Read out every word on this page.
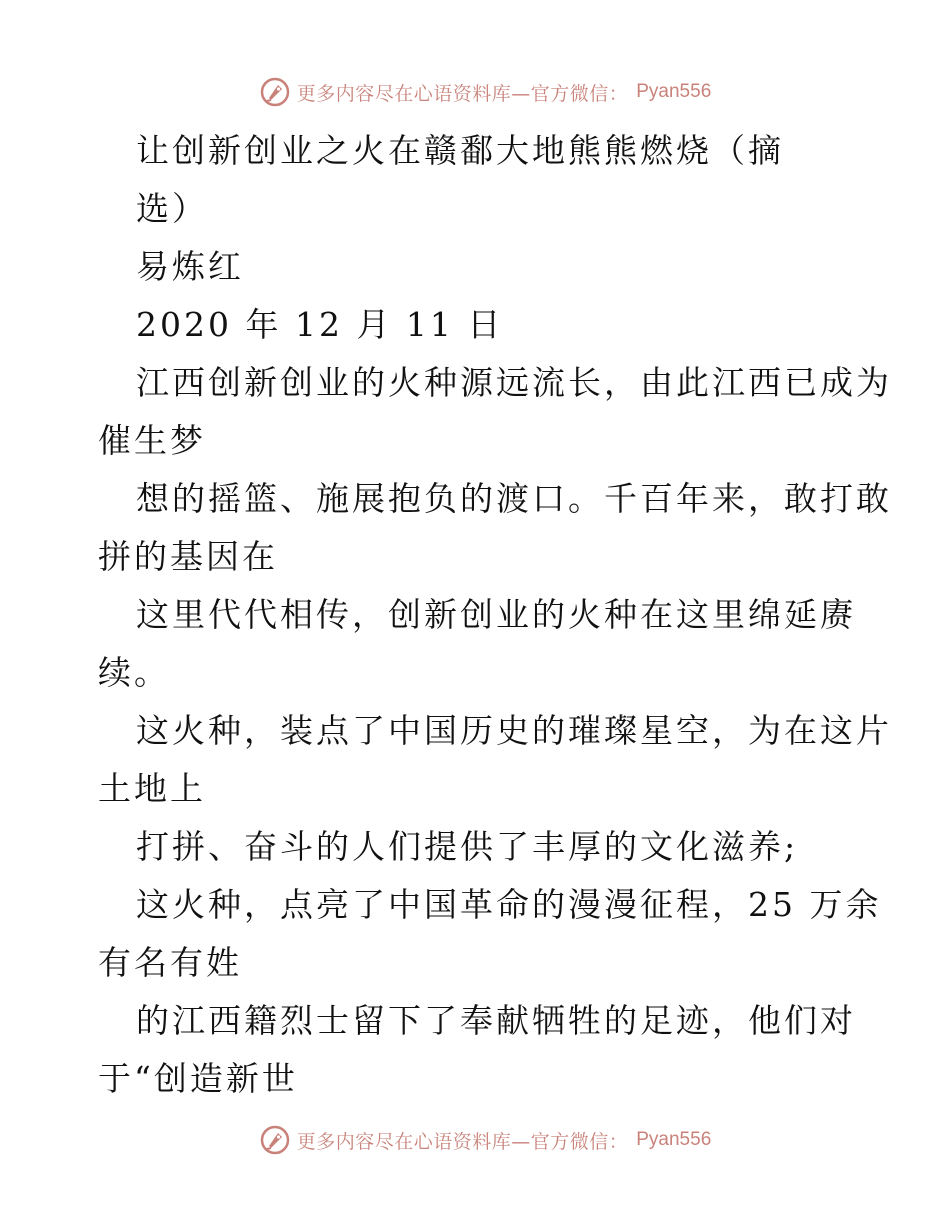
更多内容尽在心语资料库—官方微信： Pyan556
让创新创业之火在赣鄱大地熊熊燃烧（摘
选）
易炼红
2020 年 12 月 11 日
江西创新创业的火种源远流长，由此江西已成为
催生梦
想的摇篮、施展抱负的渡口。千百年来，敢打敢
拼的基因在
这里代代相传，创新创业的火种在这里绵延赓
续。
这火种，装点了中国历史的璀璨星空，为在这片
土地上
打拼、奋斗的人们提供了丰厚的文化滋养;
这火种，点亮了中国革命的漫漫征程，25 万余
有名有姓
的江西籍烈士留下了奉献牺牲的足迹，他们对
于“创造新世
更多内容尽在心语资料库—官方微信： Pyan556
